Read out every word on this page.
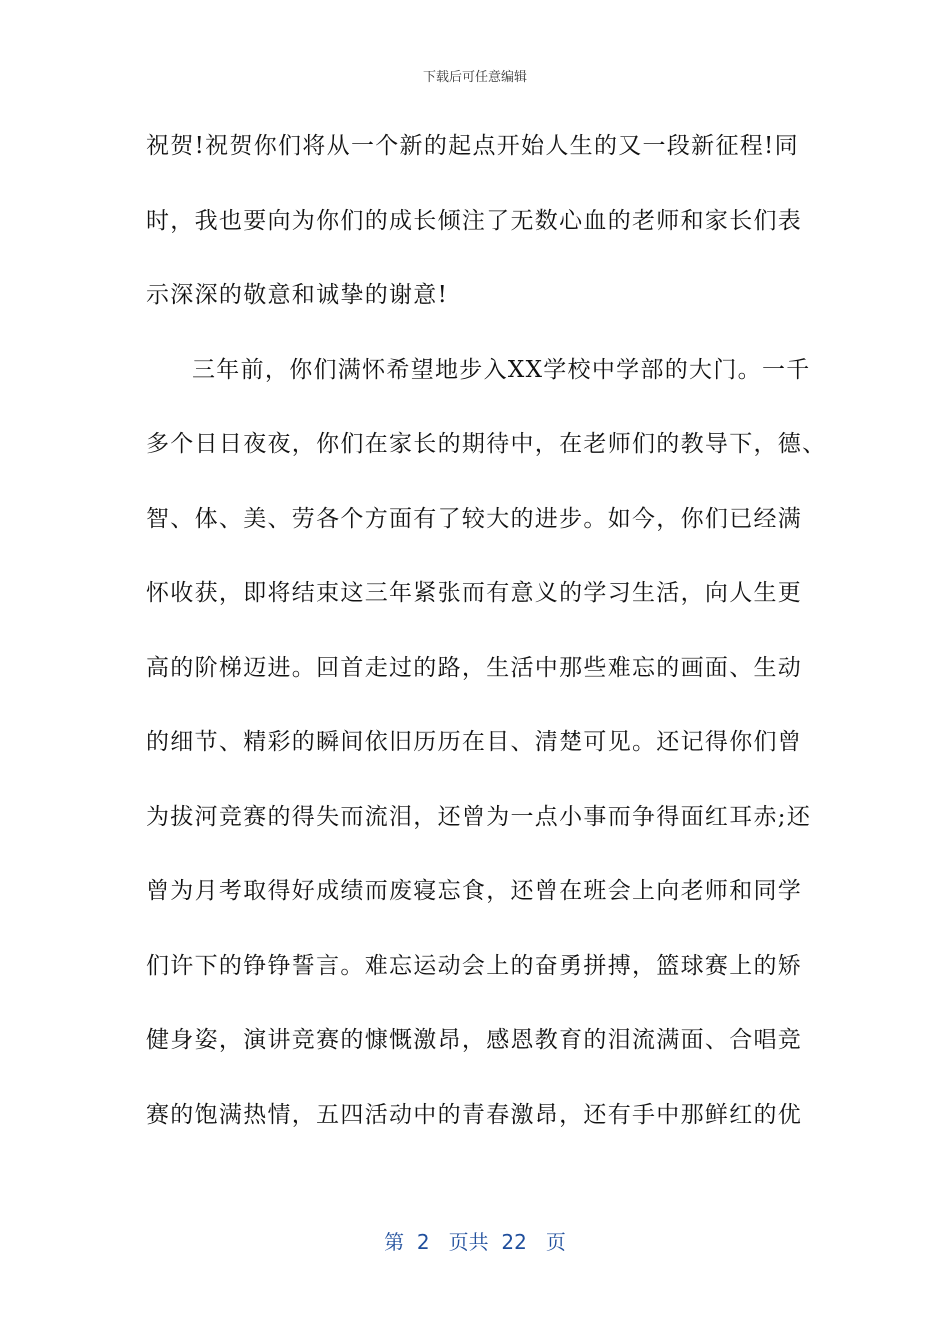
下载后可任意编辑
祝贺!祝贺你们将从一个新的起点开始人生的又一段新征程!同
时，我也要向为你们的成长倾注了无数心血的老师和家长们表
示深深的敬意和诚挚的谢意!
三年前，你们满怀希望地步入XX学校中学部的大门。一千
多个日日夜夜，你们在家长的期待中，在老师们的教导下，德、
智、体、美、劳各个方面有了较大的进步。如今，你们已经满
怀收获，即将结束这三年紧张而有意义的学习生活，向人生更
高的阶梯迈进。回首走过的路，生活中那些难忘的画面、生动
的细节、精彩的瞬间依旧历历在目、清楚可见。还记得你们曾
为拔河竞赛的得失而流泪，还曾为一点小事而争得面红耳赤;还
曾为月考取得好成绩而废寝忘食，还曾在班会上向老师和同学
们许下的铮铮誓言。难忘运动会上的奋勇拼搏，篮球赛上的矫
健身姿，演讲竞赛的慷慨激昂，感恩教育的泪流满面、合唱竞
赛的饱满热情，五四活动中的青春激昂，还有手中那鲜红的优
第  2   页共  22   页
